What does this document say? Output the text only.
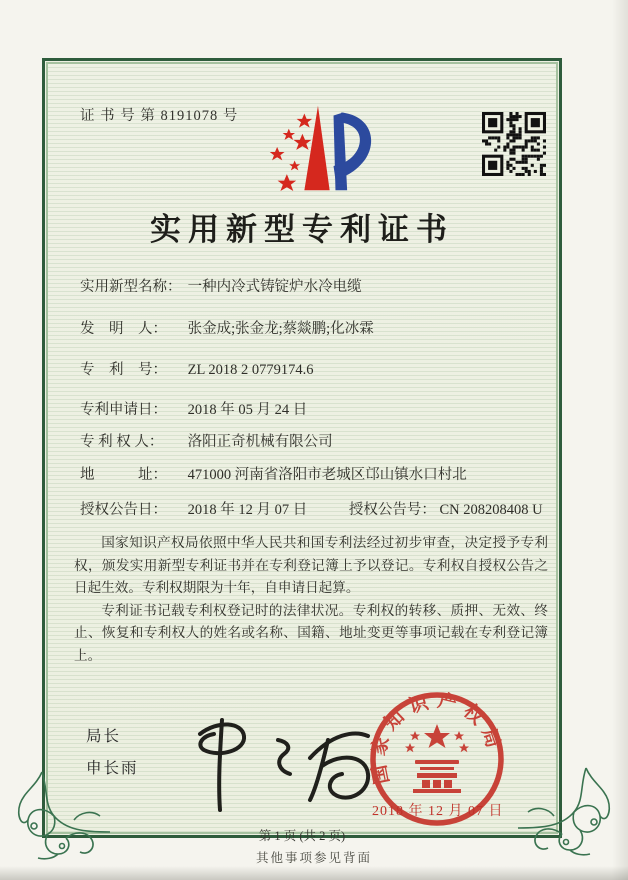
证 书 号 第 8191078 号
实用新型专利证书
实用新型名称： 一种内冷式铸锭炉水冷电缆
发　明　人： 张金成;张金龙;蔡燚鹏;化冰霖
专　利　号： ZL 2018 2 0779174.6
专利申请日： 2018 年 05 月 24 日
专 利 权 人： 洛阳正奇机械有限公司
地　　　址： 471000 河南省洛阳市老城区邙山镇水口村北
授权公告日： 2018 年 12 月 07 日	授权公告号： CN 208208408 U

国家知识产权局依照中华人民共和国专利法经过初步审查，决定授予专利权，颁发实用新型专利证书并在专利登记簿上予以登记。专利权自授权公告之日起生效。专利权期限为十年，自申请日起算。

专利证书记载专利权登记时的法律状况。专利权的转移、质押、无效、终止、恢复和专利权人的姓名或名称、国籍、地址变更等事项记载在专利登记簿上。

局长
申长雨	国家知识产权局
2018 年 12 月 07 日
第 1 页 (共 2 页)
其他事项参见背面
